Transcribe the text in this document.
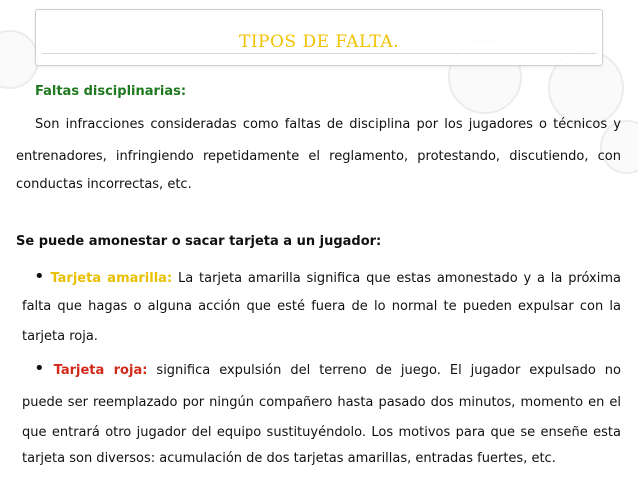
TIPOS DE FALTA.
Faltas disciplinarias:
Son infracciones consideradas como faltas de disciplina por los jugadores o técnicos y
entrenadores, infringiendo repetidamente el reglamento, protestando, discutiendo, con
conductas incorrectas, etc.
Se puede amonestar o sacar tarjeta a un jugador:
• Tarjeta amarilla: La tarjeta amarilla significa que estas amonestado y a la próxima
falta que hagas o alguna acción que esté fuera de lo normal te pueden expulsar con la
tarjeta roja.
• Tarjeta roja: significa expulsión del terreno de juego. El jugador expulsado no
puede ser reemplazado por ningún compañero hasta pasado dos minutos, momento en el
que entrará otro jugador del equipo sustituyéndolo. Los motivos para que se enseñe esta
tarjeta son diversos: acumulación de dos tarjetas amarillas, entradas fuertes, etc.
